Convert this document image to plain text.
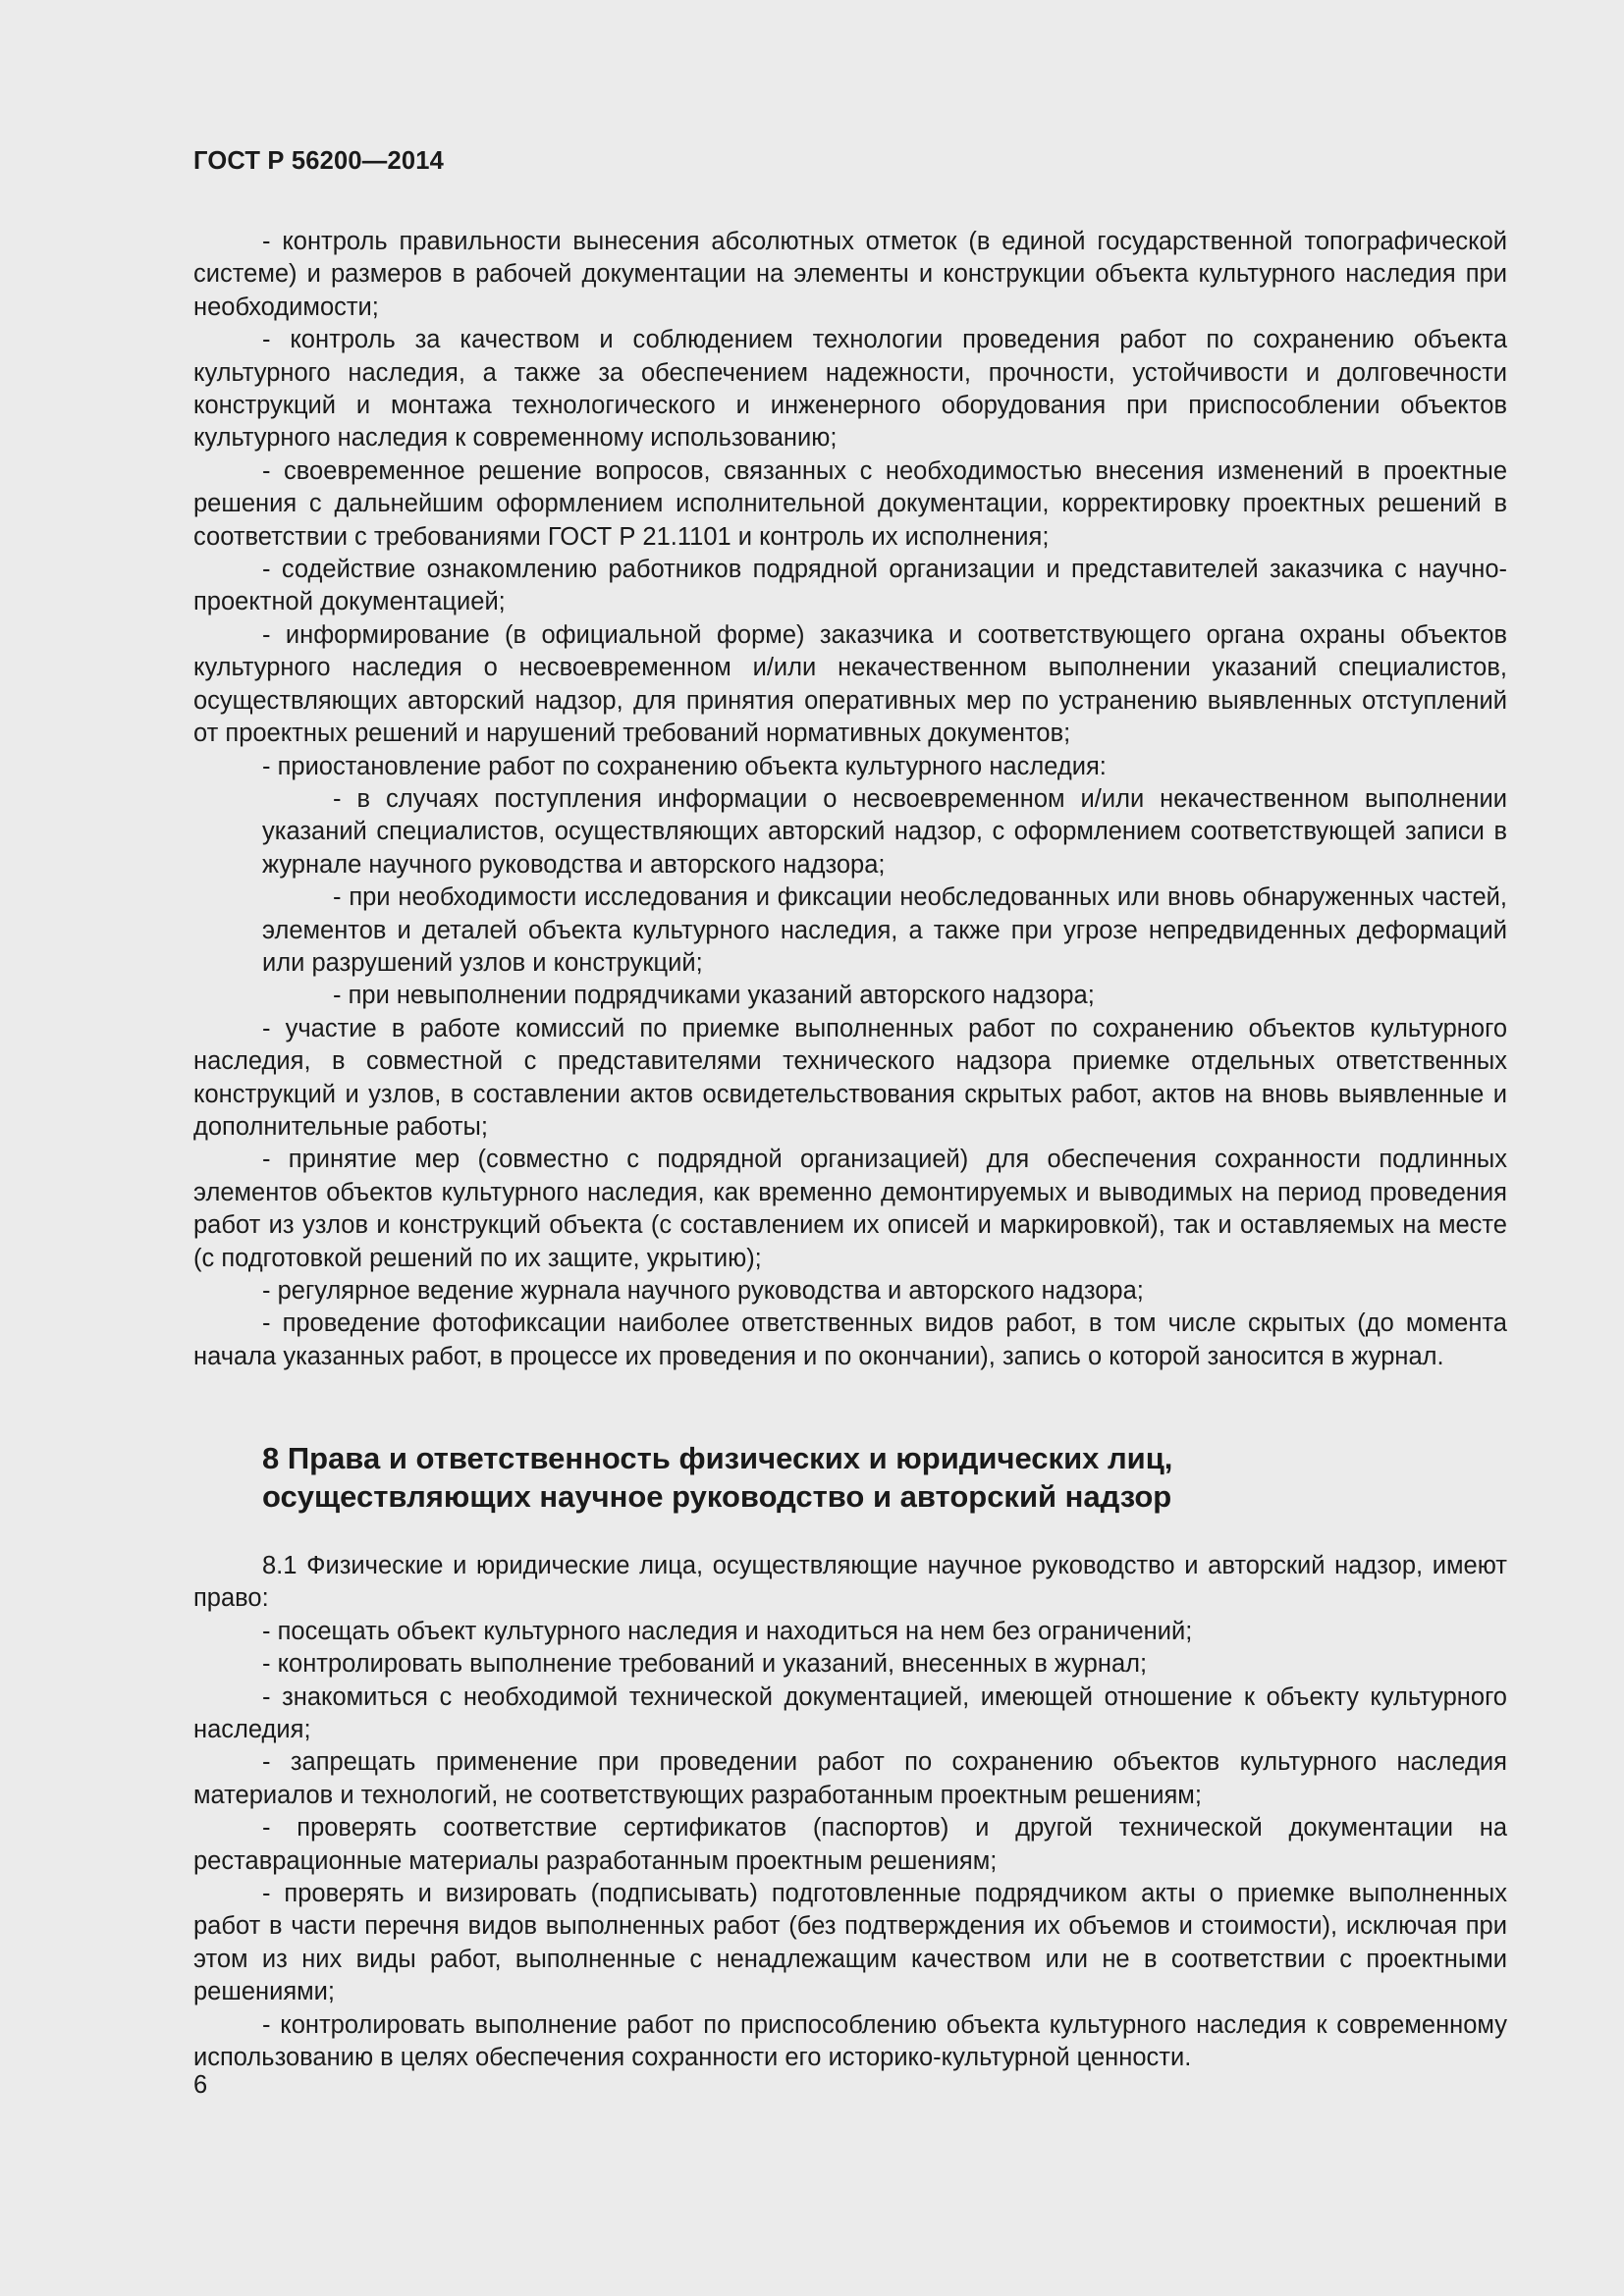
ГОСТ Р 56200—2014

- контроль правильности вынесения абсолютных отметок (в единой государственной топографической системе) и размеров в рабочей документации на элементы и конструкции объекта культурного наследия при необходимости;

- контроль за качеством и соблюдением технологии проведения работ по сохранению объекта культурного наследия, а также за обеспечением надежности, прочности, устойчивости и долговечности конструкций и монтажа технологического и инженерного оборудования при приспособлении объектов культурного наследия к современному использованию;

- своевременное решение вопросов, связанных с необходимостью внесения изменений в проектные решения с дальнейшим оформлением исполнительной документации, корректировку проектных решений в соответствии с требованиями ГОСТ Р 21.1101 и контроль их исполнения;

- содействие ознакомлению работников подрядной организации и представителей заказчика с научно-проектной документацией;

- информирование (в официальной форме) заказчика и соответствующего органа охраны объектов культурного наследия о несвоевременном и/или некачественном выполнении указаний специалистов, осуществляющих авторский надзор, для принятия оперативных мер по устранению выявленных отступлений от проектных решений и нарушений требований нормативных документов;

- приостановление работ по сохранению объекта культурного наследия:

- в случаях поступления информации о несвоевременном и/или некачественном выполнении указаний специалистов, осуществляющих авторский надзор, с оформлением соответствующей записи в журнале научного руководства и авторского надзора;

- при необходимости исследования и фиксации необследованных или вновь обнаруженных частей, элементов и деталей объекта культурного наследия, а также при угрозе непредвиденных деформаций или разрушений узлов и конструкций;

- при невыполнении подрядчиками указаний авторского надзора;

- участие в работе комиссий по приемке выполненных работ по сохранению объектов культурного наследия, в совместной с представителями технического надзора приемке отдельных ответственных конструкций и узлов, в составлении актов освидетельствования скрытых работ, актов на вновь выявленные и дополнительные работы;

- принятие мер (совместно с подрядной организацией) для обеспечения сохранности подлинных элементов объектов культурного наследия, как временно демонтируемых и выводимых на период проведения работ из узлов и конструкций объекта (с составлением их описей и маркировкой), так и оставляемых на месте (с подготовкой решений по их защите, укрытию);

- регулярное ведение журнала научного руководства и авторского надзора;

- проведение фотофиксации наиболее ответственных видов работ, в том числе скрытых (до момента начала указанных работ, в процессе их проведения и по окончании), запись о которой заносится в журнал.

8 Права и ответственность физических и юридических лиц,
осуществляющих научное руководство и авторский надзор

8.1 Физические и юридические лица, осуществляющие научное руководство и авторский надзор, имеют право:

- посещать объект культурного наследия и находиться на нем без ограничений;

- контролировать выполнение требований и указаний, внесенных в журнал;

- знакомиться с необходимой технической документацией, имеющей отношение к объекту культурного наследия;

- запрещать применение при проведении работ по сохранению объектов культурного наследия материалов и технологий, не соответствующих разработанным проектным решениям;

- проверять соответствие сертификатов (паспортов) и другой технической документации на реставрационные материалы разработанным проектным решениям;

- проверять и визировать (подписывать) подготовленные подрядчиком акты о приемке выполненных работ в части перечня видов выполненных работ (без подтверждения их объемов и стоимости), исключая при этом из них виды работ, выполненные с ненадлежащим качеством или не в соответствии с проектными решениями;

- контролировать выполнение работ по приспособлению объекта культурного наследия к современному использованию в целях обеспечения сохранности его историко-культурной ценности.

6
